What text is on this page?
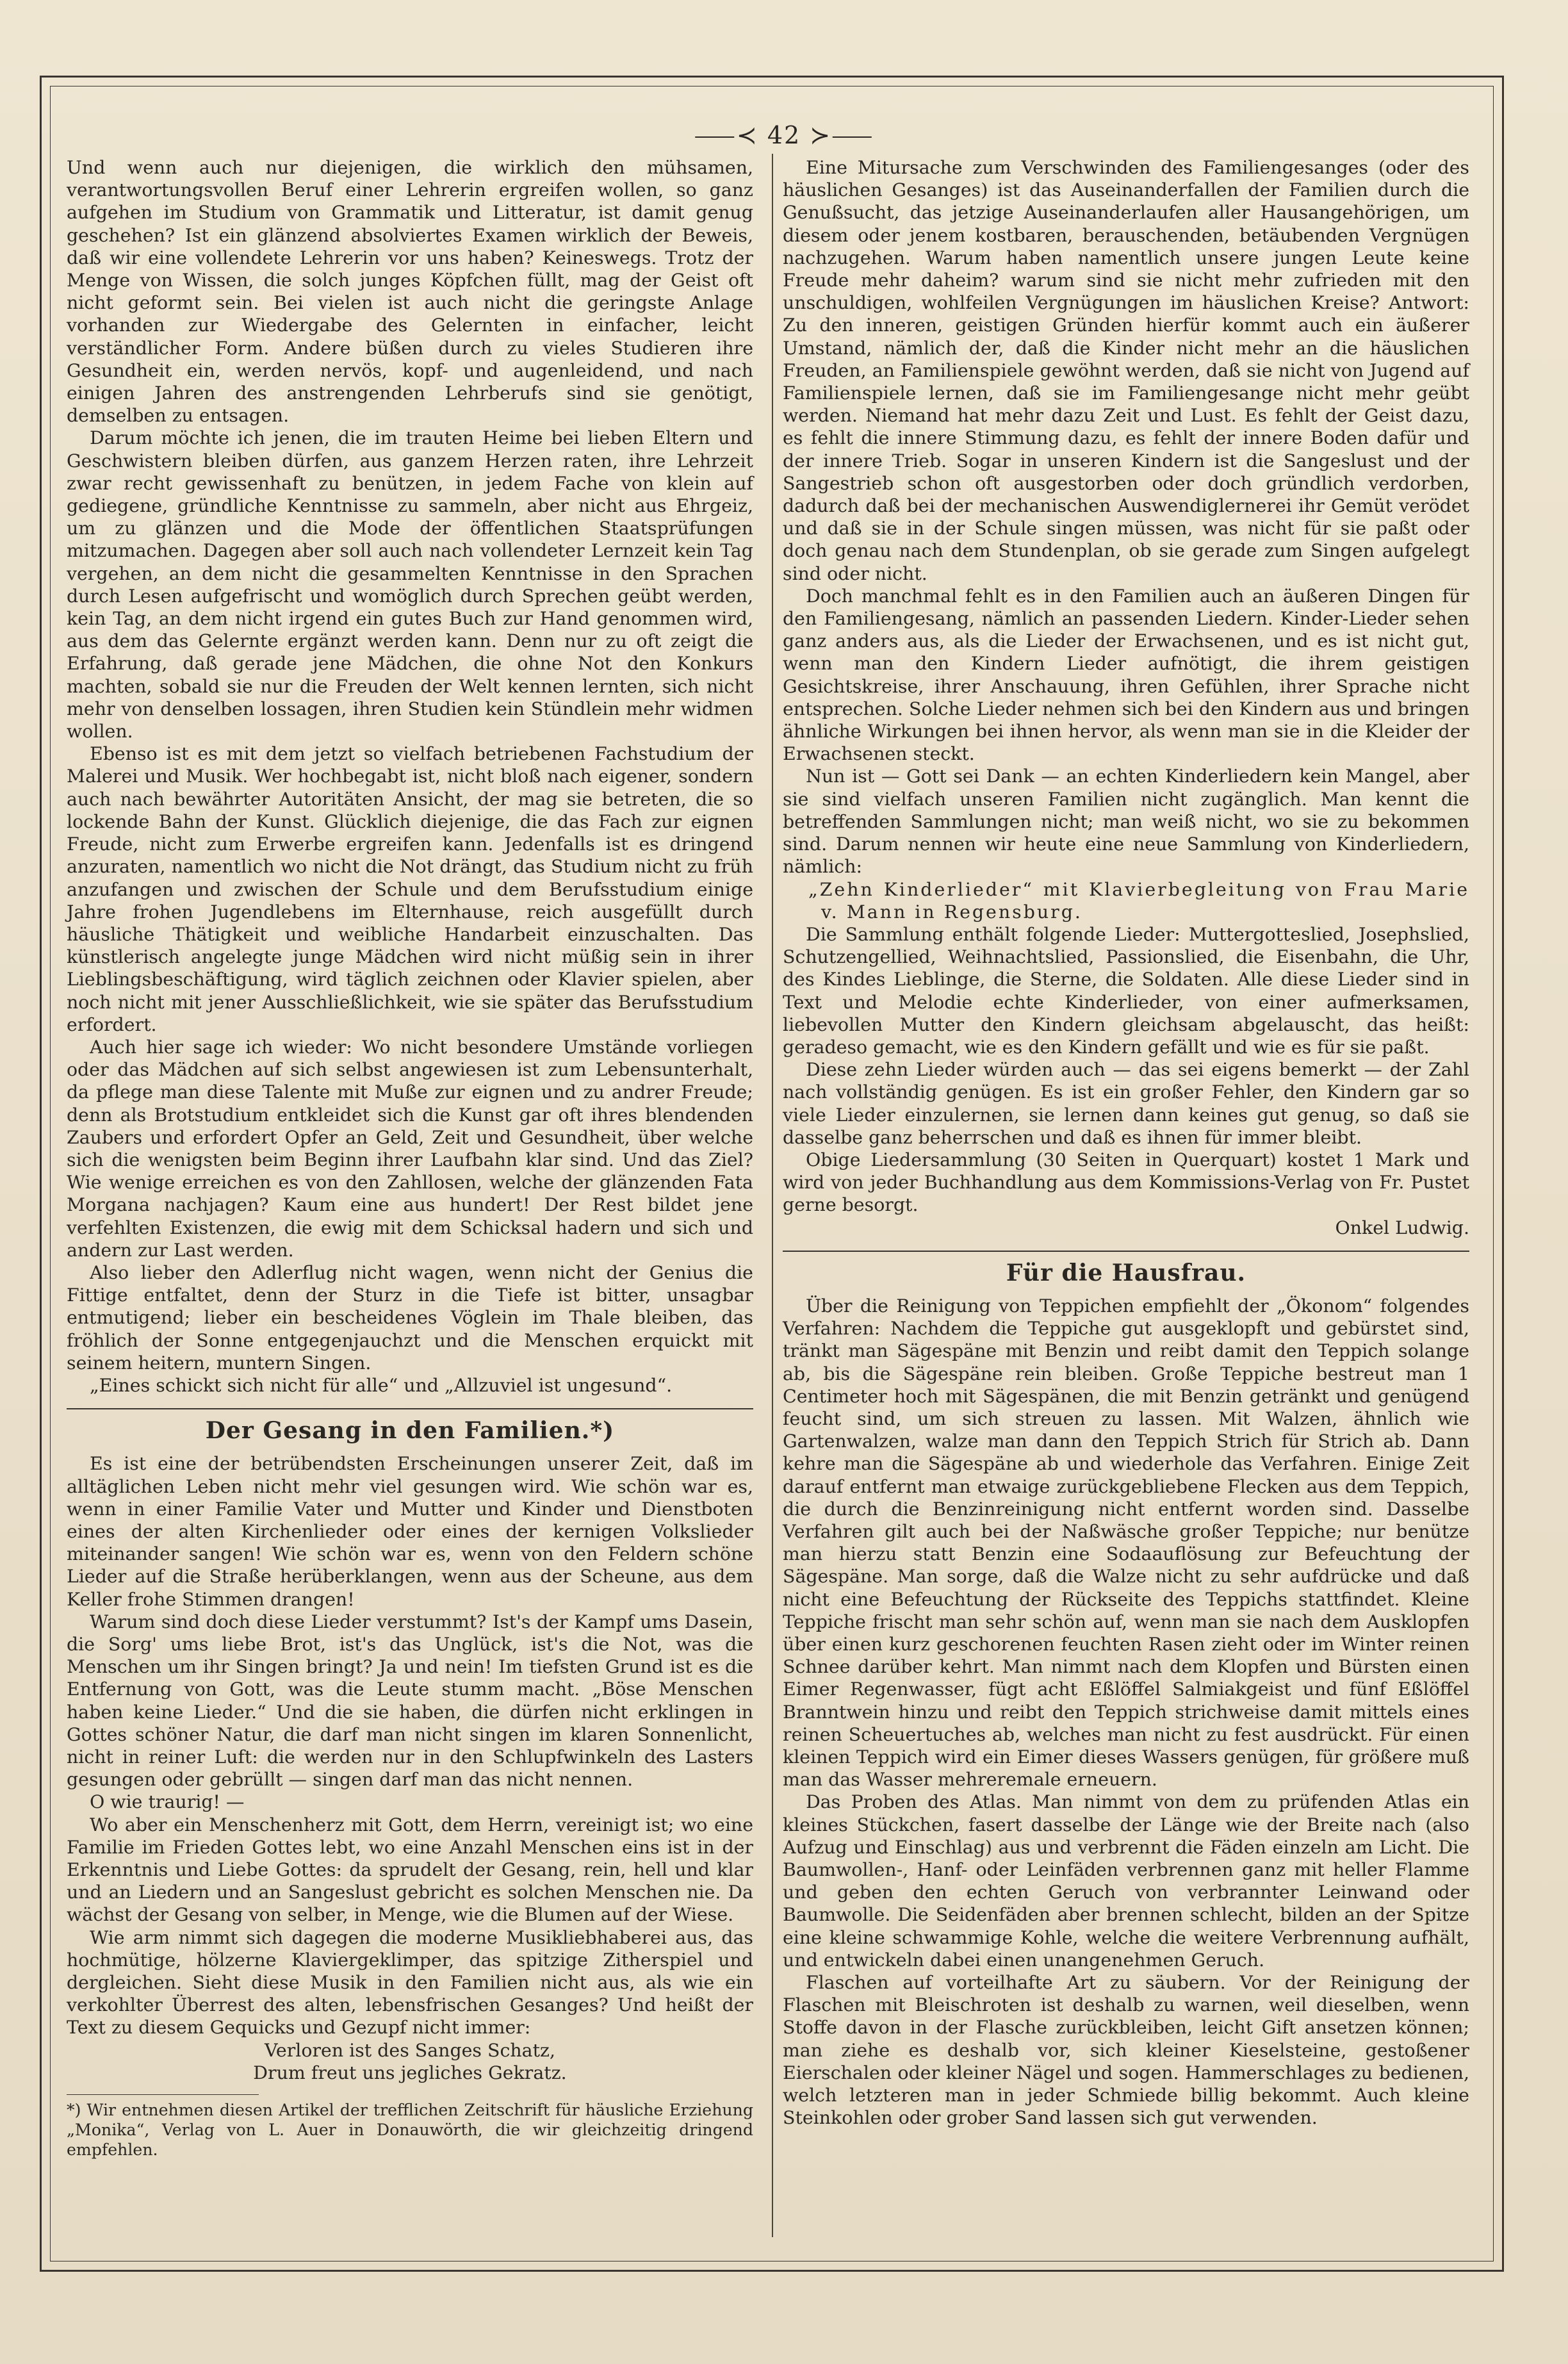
⸺≺ 42 ≻⸺

Und wenn auch nur diejenigen, die wirklich den mühsamen, verantwortungsvollen Beruf einer Lehrerin ergreifen wollen, so ganz aufgehen im Studium von Grammatik und Litteratur, ist damit genug geschehen? Ist ein glänzend absolviertes Examen wirklich der Beweis, daß wir eine vollendete Lehrerin vor uns haben? Keineswegs. Trotz der Menge von Wissen, die solch junges Köpfchen füllt, mag der Geist oft nicht geformt sein. Bei vielen ist auch nicht die geringste Anlage vorhanden zur Wiedergabe des Gelernten in einfacher, leicht verständlicher Form. Andere büßen durch zu vieles Studieren ihre Gesundheit ein, werden nervös, kopf- und augenleidend, und nach einigen Jahren des anstrengenden Lehrberufs sind sie genötigt, demselben zu entsagen.

Darum möchte ich jenen, die im trauten Heime bei lieben Eltern und Geschwistern bleiben dürfen, aus ganzem Herzen raten, ihre Lehrzeit zwar recht gewissenhaft zu benützen, in jedem Fache von klein auf gediegene, gründliche Kenntnisse zu sammeln, aber nicht aus Ehrgeiz, um zu glänzen und die Mode der öffentlichen Staatsprüfungen mitzumachen. Dagegen aber soll auch nach vollendeter Lernzeit kein Tag vergehen, an dem nicht die gesammelten Kenntnisse in den Sprachen durch Lesen aufgefrischt und womöglich durch Sprechen geübt werden, kein Tag, an dem nicht irgend ein gutes Buch zur Hand genommen wird, aus dem das Gelernte ergänzt werden kann. Denn nur zu oft zeigt die Erfahrung, daß gerade jene Mädchen, die ohne Not den Konkurs machten, sobald sie nur die Freuden der Welt kennen lernten, sich nicht mehr von denselben lossagen, ihren Studien kein Stündlein mehr widmen wollen.

Ebenso ist es mit dem jetzt so vielfach betriebenen Fachstudium der Malerei und Musik. Wer hochbegabt ist, nicht bloß nach eigener, sondern auch nach bewährter Autoritäten Ansicht, der mag sie betreten, die so lockende Bahn der Kunst. Glücklich diejenige, die das Fach zur eignen Freude, nicht zum Erwerbe ergreifen kann. Jedenfalls ist es dringend anzuraten, namentlich wo nicht die Not drängt, das Studium nicht zu früh anzufangen und zwischen der Schule und dem Berufsstudium einige Jahre frohen Jugendlebens im Elternhause, reich ausgefüllt durch häusliche Thätigkeit und weibliche Handarbeit einzuschalten. Das künstlerisch angelegte junge Mädchen wird nicht müßig sein in ihrer Lieblingsbeschäftigung, wird täglich zeichnen oder Klavier spielen, aber noch nicht mit jener Ausschließlichkeit, wie sie später das Berufsstudium erfordert.

Auch hier sage ich wieder: Wo nicht besondere Umstände vorliegen oder das Mädchen auf sich selbst angewiesen ist zum Lebensunterhalt, da pflege man diese Talente mit Muße zur eignen und zu andrer Freude; denn als Brotstudium entkleidet sich die Kunst gar oft ihres blendenden Zaubers und erfordert Opfer an Geld, Zeit und Gesundheit, über welche sich die wenigsten beim Beginn ihrer Laufbahn klar sind. Und das Ziel? Wie wenige erreichen es von den Zahllosen, welche der glänzenden Fata Morgana nachjagen? Kaum eine aus hundert! Der Rest bildet jene verfehlten Existenzen, die ewig mit dem Schicksal hadern und sich und andern zur Last werden.

Also lieber den Adlerflug nicht wagen, wenn nicht der Genius die Fittige entfaltet, denn der Sturz in die Tiefe ist bitter, unsagbar entmutigend; lieber ein bescheidenes Vöglein im Thale bleiben, das fröhlich der Sonne entgegenjauchzt und die Menschen erquickt mit seinem heitern, muntern Singen.

„Eines schickt sich nicht für alle“ und „Allzuviel ist ungesund“.

Der Gesang in den Familien.*)

Es ist eine der betrübendsten Erscheinungen unserer Zeit, daß im alltäglichen Leben nicht mehr viel gesungen wird. Wie schön war es, wenn in einer Familie Vater und Mutter und Kinder und Dienstboten eines der alten Kirchenlieder oder eines der kernigen Volkslieder miteinander sangen! Wie schön war es, wenn von den Feldern schöne Lieder auf die Straße herüberklangen, wenn aus der Scheune, aus dem Keller frohe Stimmen drangen!

Warum sind doch diese Lieder verstummt? Ist's der Kampf ums Dasein, die Sorg' ums liebe Brot, ist's das Unglück, ist's die Not, was die Menschen um ihr Singen bringt? Ja und nein! Im tiefsten Grund ist es die Entfernung von Gott, was die Leute stumm macht. „Böse Menschen haben keine Lieder.“ Und die sie haben, die dürfen nicht erklingen in Gottes schöner Natur, die darf man nicht singen im klaren Sonnenlicht, nicht in reiner Luft: die werden nur in den Schlupfwinkeln des Lasters gesungen oder gebrüllt — singen darf man das nicht nennen.

O wie traurig! —

Wo aber ein Menschenherz mit Gott, dem Herrn, vereinigt ist; wo eine Familie im Frieden Gottes lebt, wo eine Anzahl Menschen eins ist in der Erkenntnis und Liebe Gottes: da sprudelt der Gesang, rein, hell und klar und an Liedern und an Sangeslust gebricht es solchen Menschen nie. Da wächst der Gesang von selber, in Menge, wie die Blumen auf der Wiese.

Wie arm nimmt sich dagegen die moderne Musikliebhaberei aus, das hochmütige, hölzerne Klaviergeklimper, das spitzige Zitherspiel und dergleichen. Sieht diese Musik in den Familien nicht aus, als wie ein verkohlter Überrest des alten, lebensfrischen Gesanges? Und heißt der Text zu diesem Gequicks und Gezupf nicht immer:

Verloren ist des Sanges Schatz,

Drum freut uns jegliches Gekratz.

*) Wir entnehmen diesen Artikel der trefflichen Zeitschrift für häusliche Erziehung „Monika“, Verlag von L. Auer in Donauwörth, die wir gleichzeitig dringend empfehlen.

Eine Mitursache zum Verschwinden des Familiengesanges (oder des häuslichen Gesanges) ist das Auseinanderfallen der Familien durch die Genußsucht, das jetzige Auseinanderlaufen aller Hausangehörigen, um diesem oder jenem kostbaren, berauschenden, betäubenden Vergnügen nachzugehen. Warum haben namentlich unsere jungen Leute keine Freude mehr daheim? warum sind sie nicht mehr zufrieden mit den unschuldigen, wohlfeilen Vergnügungen im häuslichen Kreise? Antwort: Zu den inneren, geistigen Gründen hierfür kommt auch ein äußerer Umstand, nämlich der, daß die Kinder nicht mehr an die häuslichen Freuden, an Familienspiele gewöhnt werden, daß sie nicht von Jugend auf Familienspiele lernen, daß sie im Familiengesange nicht mehr geübt werden. Niemand hat mehr dazu Zeit und Lust. Es fehlt der Geist dazu, es fehlt die innere Stimmung dazu, es fehlt der innere Boden dafür und der innere Trieb. Sogar in unseren Kindern ist die Sangeslust und der Sangestrieb schon oft ausgestorben oder doch gründlich verdorben, dadurch daß bei der mechanischen Auswendiglernerei ihr Gemüt verödet und daß sie in der Schule singen müssen, was nicht für sie paßt oder doch genau nach dem Stundenplan, ob sie gerade zum Singen aufgelegt sind oder nicht.

Doch manchmal fehlt es in den Familien auch an äußeren Dingen für den Familiengesang, nämlich an passenden Liedern. Kinder-Lieder sehen ganz anders aus, als die Lieder der Erwachsenen, und es ist nicht gut, wenn man den Kindern Lieder aufnötigt, die ihrem geistigen Gesichtskreise, ihrer Anschauung, ihren Gefühlen, ihrer Sprache nicht entsprechen. Solche Lieder nehmen sich bei den Kindern aus und bringen ähnliche Wirkungen bei ihnen hervor, als wenn man sie in die Kleider der Erwachsenen steckt.

Nun ist — Gott sei Dank — an echten Kinderliedern kein Mangel, aber sie sind vielfach unseren Familien nicht zugänglich. Man kennt die betreffenden Sammlungen nicht; man weiß nicht, wo sie zu bekommen sind. Darum nennen wir heute eine neue Sammlung von Kinderliedern, nämlich:

„Zehn Kinderlieder“ mit Klavierbegleitung von Frau Marie v. Mann in Regensburg.

Die Sammlung enthält folgende Lieder: Muttergotteslied, Josephslied, Schutzengellied, Weihnachtslied, Passionslied, die Eisenbahn, die Uhr, des Kindes Lieblinge, die Sterne, die Soldaten. Alle diese Lieder sind in Text und Melodie echte Kinderlieder, von einer aufmerksamen, liebevollen Mutter den Kindern gleichsam abgelauscht, das heißt: geradeso gemacht, wie es den Kindern gefällt und wie es für sie paßt.

Diese zehn Lieder würden auch — das sei eigens bemerkt — der Zahl nach vollständig genügen. Es ist ein großer Fehler, den Kindern gar so viele Lieder einzulernen, sie lernen dann keines gut genug, so daß sie dasselbe ganz beherrschen und daß es ihnen für immer bleibt.

Obige Liedersammlung (30 Seiten in Querquart) kostet 1 Mark und wird von jeder Buchhandlung aus dem Kommissions-Verlag von Fr. Pustet gerne besorgt.

Onkel Ludwig.

Für die Hausfrau.

Über die Reinigung von Teppichen empfiehlt der „Ökonom“ folgendes Verfahren: Nachdem die Teppiche gut ausgeklopft und gebürstet sind, tränkt man Sägespäne mit Benzin und reibt damit den Teppich solange ab, bis die Sägespäne rein bleiben. Große Teppiche bestreut man 1 Centimeter hoch mit Sägespänen, die mit Benzin getränkt und genügend feucht sind, um sich streuen zu lassen. Mit Walzen, ähnlich wie Gartenwalzen, walze man dann den Teppich Strich für Strich ab. Dann kehre man die Sägespäne ab und wiederhole das Verfahren. Einige Zeit darauf entfernt man etwaige zurückgebliebene Flecken aus dem Teppich, die durch die Benzinreinigung nicht entfernt worden sind. Dasselbe Verfahren gilt auch bei der Naßwäsche großer Teppiche; nur benütze man hierzu statt Benzin eine Sodaauflösung zur Befeuchtung der Sägespäne. Man sorge, daß die Walze nicht zu sehr aufdrücke und daß nicht eine Befeuchtung der Rückseite des Teppichs stattfindet. Kleine Teppiche frischt man sehr schön auf, wenn man sie nach dem Ausklopfen über einen kurz geschorenen feuchten Rasen zieht oder im Winter reinen Schnee darüber kehrt. Man nimmt nach dem Klopfen und Bürsten einen Eimer Regenwasser, fügt acht Eßlöffel Salmiakgeist und fünf Eßlöffel Branntwein hinzu und reibt den Teppich strichweise damit mittels eines reinen Scheuertuches ab, welches man nicht zu fest ausdrückt. Für einen kleinen Teppich wird ein Eimer dieses Wassers genügen, für größere muß man das Wasser mehreremale erneuern.

Das Proben des Atlas. Man nimmt von dem zu prüfenden Atlas ein kleines Stückchen, fasert dasselbe der Länge wie der Breite nach (also Aufzug und Einschlag) aus und verbrennt die Fäden einzeln am Licht. Die Baumwollen-, Hanf- oder Leinfäden verbrennen ganz mit heller Flamme und geben den echten Geruch von verbrannter Leinwand oder Baumwolle. Die Seidenfäden aber brennen schlecht, bilden an der Spitze eine kleine schwammige Kohle, welche die weitere Verbrennung aufhält, und entwickeln dabei einen unangenehmen Geruch.

Flaschen auf vorteilhafte Art zu säubern. Vor der Reinigung der Flaschen mit Bleischroten ist deshalb zu warnen, weil dieselben, wenn Stoffe davon in der Flasche zurückbleiben, leicht Gift ansetzen können; man ziehe es deshalb vor, sich kleiner Kieselsteine, gestoßener Eierschalen oder kleiner Nägel und sogen. Hammerschlages zu bedienen, welch letzteren man in jeder Schmiede billig bekommt. Auch kleine Steinkohlen oder grober Sand lassen sich gut verwenden.
